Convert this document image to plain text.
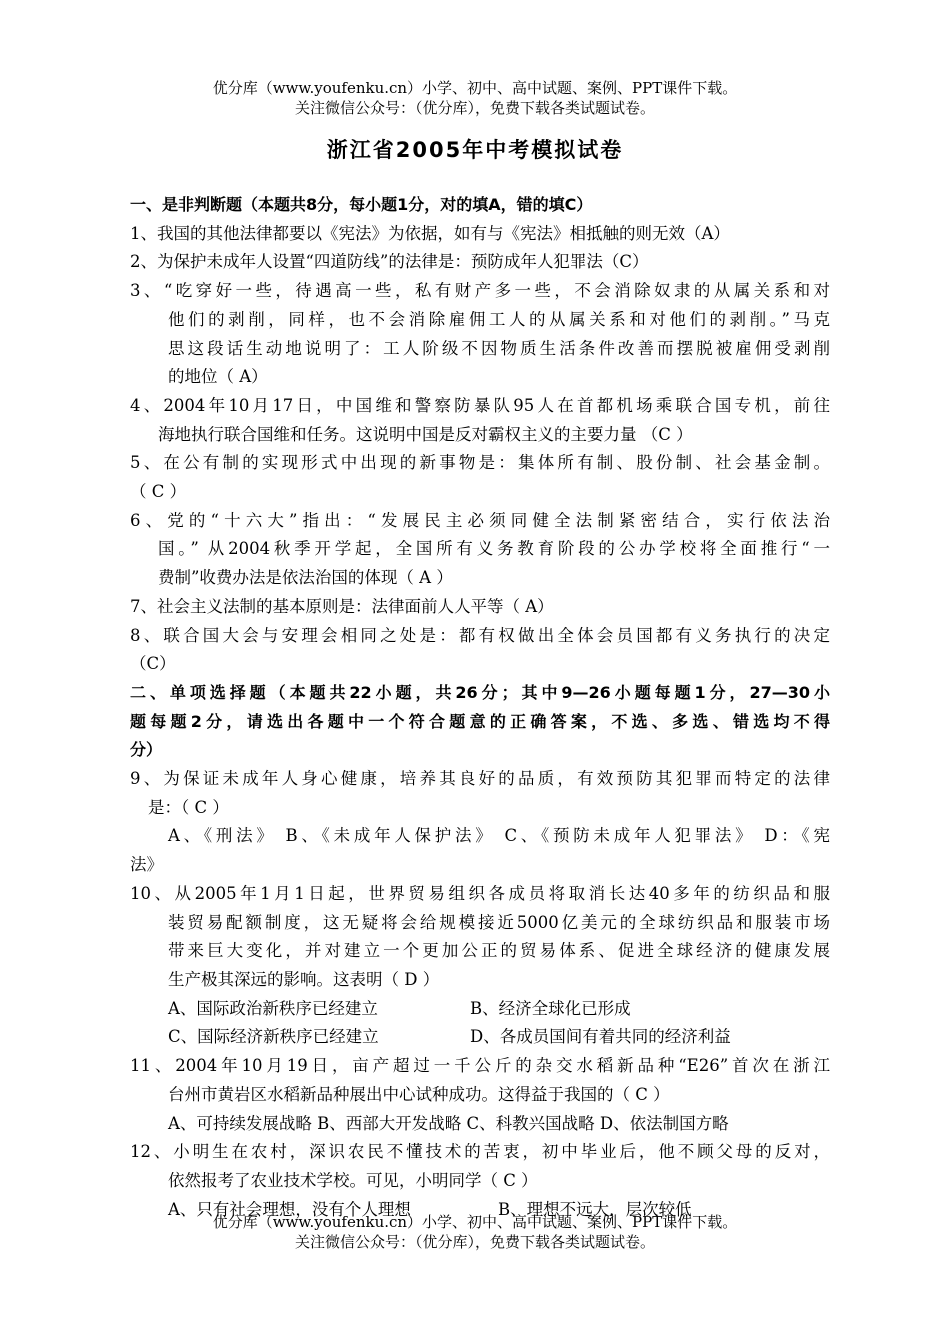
优分库（www.youfenku.cn）小学、初中、高中试题、案例、PPT课件下载。
关注微信公众号：（优分库），免费下载各类试题试卷。
浙江省2005年中考模拟试卷

一、是非判断题（本题共8分，每小题1分，对的填A，错的填C）

1、我国的其他法律都要以《宪法》为依据，如有与《宪法》相抵触的则无效（A）

2、为保护未成年人设置“四道防线”的法律是：预防成年人犯罪法（C）

3、“吃穿好一些，待遇高一些，私有财产多一些，不会消除奴隶的从属关系和对

他们的剥削，同样，也不会消除雇佣工人的从属关系和对他们的剥削。”马克

思这段话生动地说明了：工人阶级不因物质生活条件改善而摆脱被雇佣受剥削

的地位（ A）

4、2004年10月17日，中国维和警察防暴队95人在首都机场乘联合国专机，前往

海地执行联合国维和任务。这说明中国是反对霸权主义的主要力量 （C ）

5、在公有制的实现形式中出现的新事物是：集体所有制、股份制、社会基金制。

（ C ）

6、党的“十六大”指出：“发展民主必须同健全法制紧密结合，实行依法治

国。” 从2004秋季开学起，全国所有义务教育阶段的公办学校将全面推行“一

费制”收费办法是依法治国的体现（ A ）

7、社会主义法制的基本原则是：法律面前人人平等（ A）

8、联合国大会与安理会相同之处是：都有权做出全体会员国都有义务执行的决定

（C）

二、单项选择题（本题共22小题，共26分；其中9—26小题每题1分，27—30小

题每题2分，请选出各题中一个符合题意的正确答案，不选、多选、错选均不得

分）

9、为保证未成年人身心健康，培养其良好的品质，有效预防其犯罪而特定的法律

是：（ C ）

A、《刑法》 B、《未成年人保护法》 C、《预防未成年人犯罪法》 D：《宪

法》

10、从2005年1月1日起，世界贸易组织各成员将取消长达40多年的纺织品和服

装贸易配额制度，这无疑将会给规模接近5000亿美元的全球纺织品和服装市场

带来巨大变化，并对建立一个更加公正的贸易体系、促进全球经济的健康发展

生产极其深远的影响。这表明（ D ）

A、国际政治新秩序已经建立	B、经济全球化已形成

C、国际经济新秩序已经建立	D、各成员国间有着共同的经济利益

11、2004年10月19日，亩产超过一千公斤的杂交水稻新品种“E26”首次在浙江

台州市黄岩区水稻新品种展出中心试种成功。这得益于我国的（ C ）

A、可持续发展战略 B、西部大开发战略 C、科教兴国战略 D、依法制国方略

12、小明生在农村，深识农民不懂技术的苦衷，初中毕业后，他不顾父母的反对，

依然报考了农业技术学校。可见，小明同学（ C ）

A、只有社会理想，没有个人理想	B、理想不远大，层次较低

优分库（www.youfenku.cn）小学、初中、高中试题、案例、PPT课件下载。
关注微信公众号：（优分库），免费下载各类试题试卷。
